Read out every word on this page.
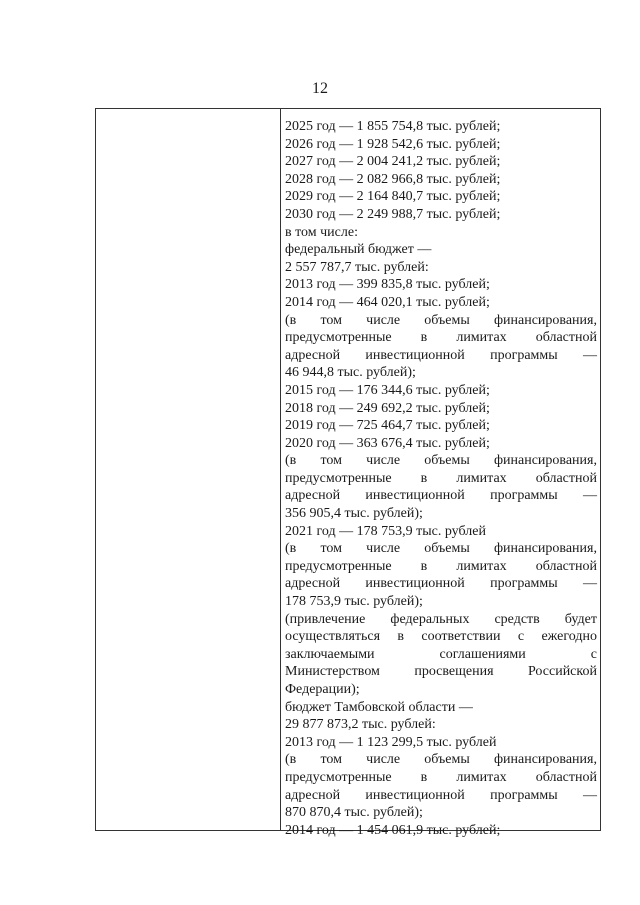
12
2025 год — 1 855 754,8 тыс. рублей;
2026 год — 1 928 542,6 тыс. рублей;
2027 год — 2 004 241,2 тыс. рублей;
2028 год — 2 082 966,8 тыс. рублей;
2029 год — 2 164 840,7 тыс. рублей;
2030 год — 2 249 988,7 тыс. рублей;
в том числе:
федеральный бюджет —
2 557 787,7 тыс. рублей:
2013 год — 399 835,8 тыс. рублей;
2014 год — 464 020,1 тыс. рублей;
(в том числе объемы финансирования,
предусмотренные в лимитах областной
адресной инвестиционной программы —
46 944,8 тыс. рублей);
2015 год — 176 344,6 тыс. рублей;
2018 год — 249 692,2 тыс. рублей;
2019 год — 725 464,7 тыс. рублей;
2020 год — 363 676,4 тыс. рублей;
(в том числе объемы финансирования,
предусмотренные в лимитах областной
адресной инвестиционной программы —
356 905,4 тыс. рублей);
2021 год — 178 753,9 тыс. рублей
(в том числе объемы финансирования,
предусмотренные в лимитах областной
адресной инвестиционной программы —
178 753,9 тыс. рублей);
(привлечение федеральных средств будет
осуществляться в соответствии с ежегодно
заключаемыми	соглашениями	с
Министерством просвещения Российской
Федерации);
бюджет Тамбовской области —
29 877 873,2 тыс. рублей:
2013 год — 1 123 299,5 тыс. рублей
(в том числе объемы финансирования,
предусмотренные в лимитах областной
адресной инвестиционной программы —
870 870,4 тыс. рублей);
2014 год — 1 454 061,9 тыс. рублей;
